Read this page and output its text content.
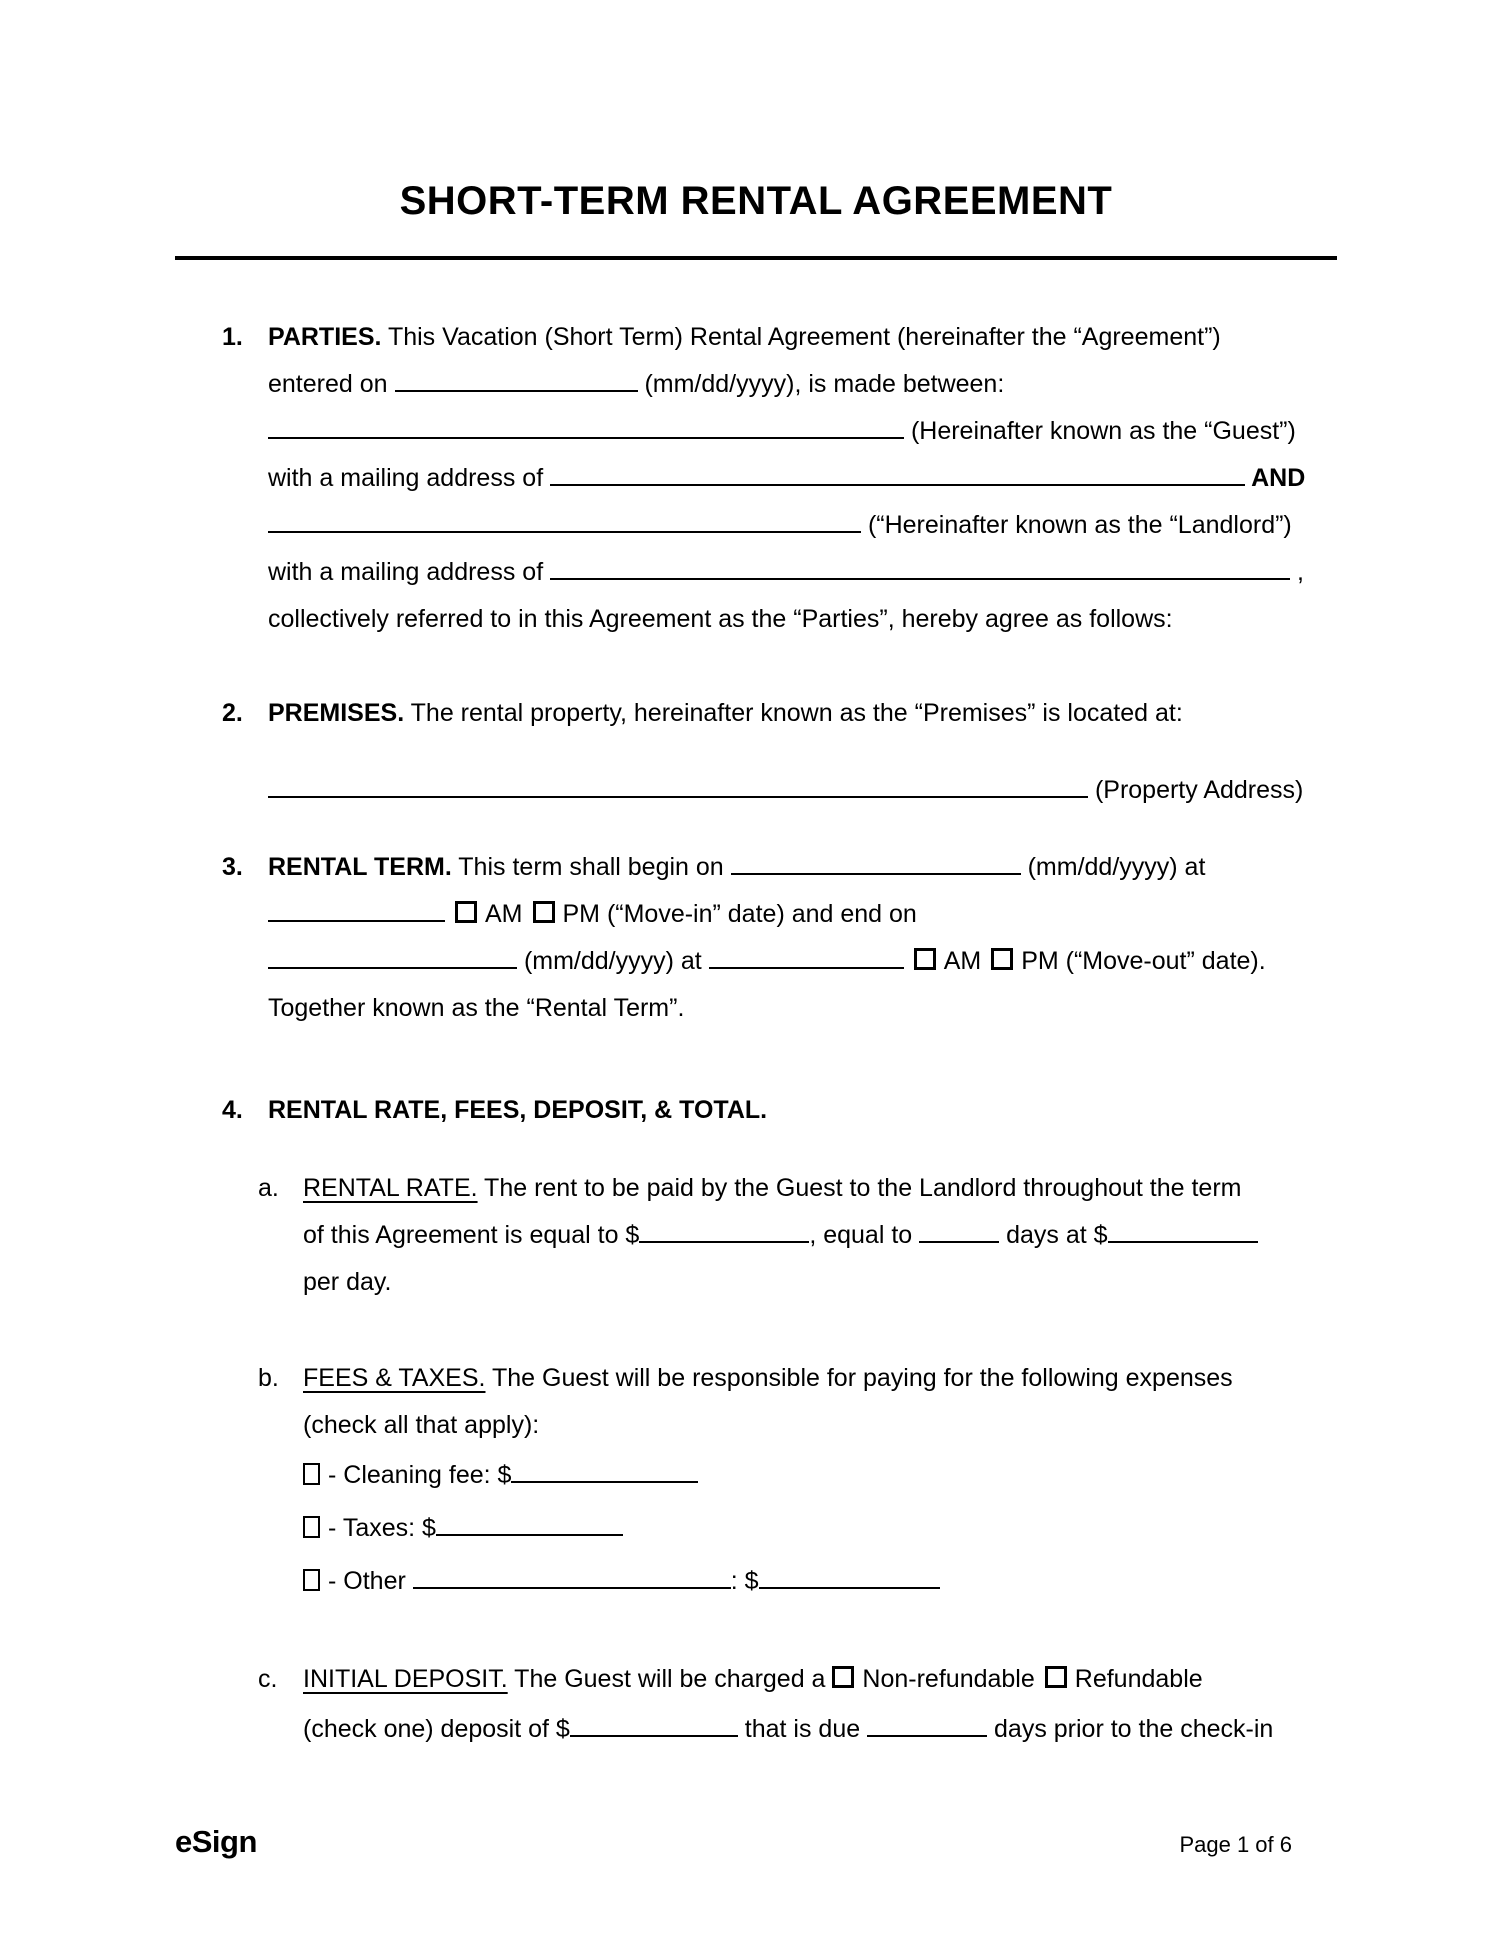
SHORT-TERM RENTAL AGREEMENT
1. PARTIES. This Vacation (Short Term) Rental Agreement (hereinafter the “Agreement”)
entered on	(mm/dd/yyyy), is made between:
(Hereinafter known as the “Guest”)
with a mailing address of	AND
(“Hereinafter known as the “Landlord”)
with a mailing address of	,
collectively referred to in this Agreement as the “Parties”, hereby agree as follows:
2. PREMISES. The rental property, hereinafter known as the “Premises” is located at:
(Property Address)
3. RENTAL TERM. This term shall begin on	(mm/dd/yyyy) at
AM PM (“Move-in” date) and end on
(mm/dd/yyyy) at	AM PM (“Move-out” date).
Together known as the “Rental Term”.
4. RENTAL RATE, FEES, DEPOSIT, & TOTAL.
a. RENTAL RATE. The rent to be paid by the Guest to the Landlord throughout the term
of this Agreement is equal to $	, equal to	days at $
per day.
b. FEES & TAXES. The Guest will be responsible for paying for the following expenses
(check all that apply):
- Cleaning fee: $
- Taxes: $
- Other	: $
c. INITIAL DEPOSIT. The Guest will be charged a Non-refundable Refundable
(check one) deposit of $	that is due	days prior to the check-in
eSign	Page 1 of 6
